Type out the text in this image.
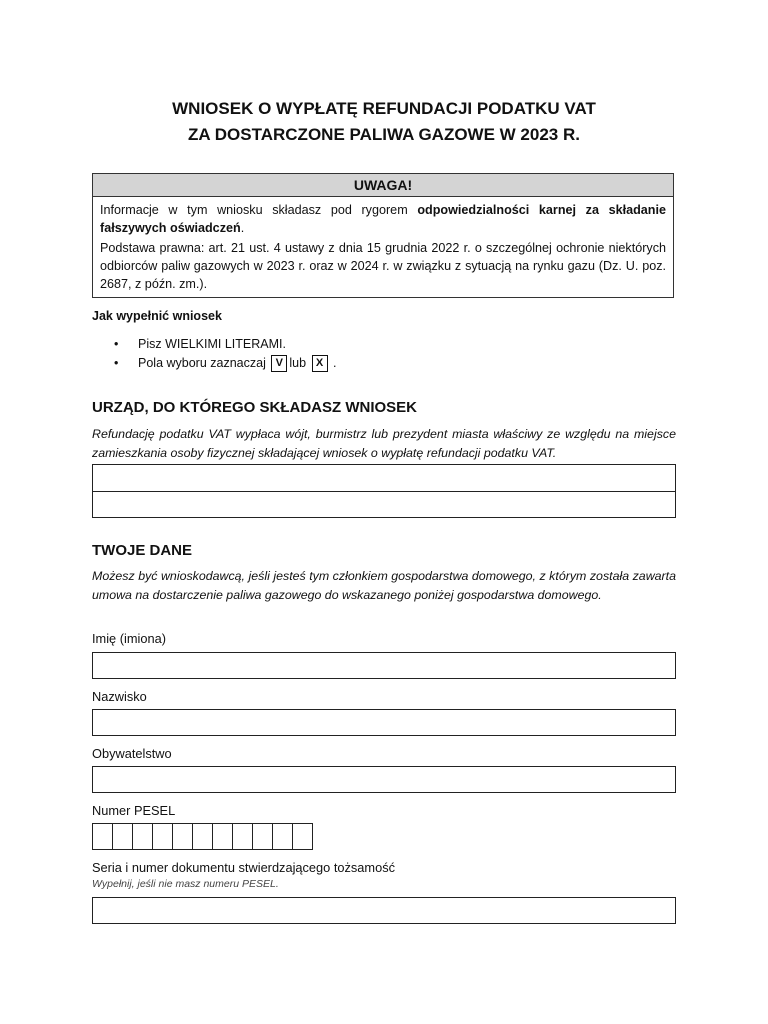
WNIOSEK O WYPŁATĘ REFUNDACJI PODATKU VAT
ZA DOSTARCZONE PALIWA GAZOWE W 2023 R.
UWAGA!

Informacje w tym wniosku składasz pod rygorem odpowiedzialności karnej za składanie fałszywych oświadczeń.

Podstawa prawna: art. 21 ust. 4 ustawy z dnia 15 grudnia 2022 r. o szczególnej ochronie niektórych odbiorców paliw gazowych w 2023 r. oraz w 2024 r. w związku z sytuacją na rynku gazu (Dz. U. poz. 2687, z późn. zm.).

Jak wypełnić wniosek
• Pisz WIELKIMI LITERAMI.
• Pola wyboru zaznaczaj V lub X .
URZĄD, DO KTÓREGO SKŁADASZ WNIOSEK
Refundację podatku VAT wypłaca wójt, burmistrz lub prezydent miasta właściwy ze względu na miejsce zamieszkania osoby fizycznej składającej wniosek o wypłatę refundacji podatku VAT.
TWOJE DANE
Możesz być wnioskodawcą, jeśli jesteś tym członkiem gospodarstwa domowego, z którym została zawarta umowa na dostarczenie paliwa gazowego do wskazanego poniżej gospodarstwa domowego.
Imię (imiona)
Nazwisko
Obywatelstwo
Numer PESEL
Seria i numer dokumentu stwierdzającego tożsamość
Wypełnij, jeśli nie masz numeru PESEL.
